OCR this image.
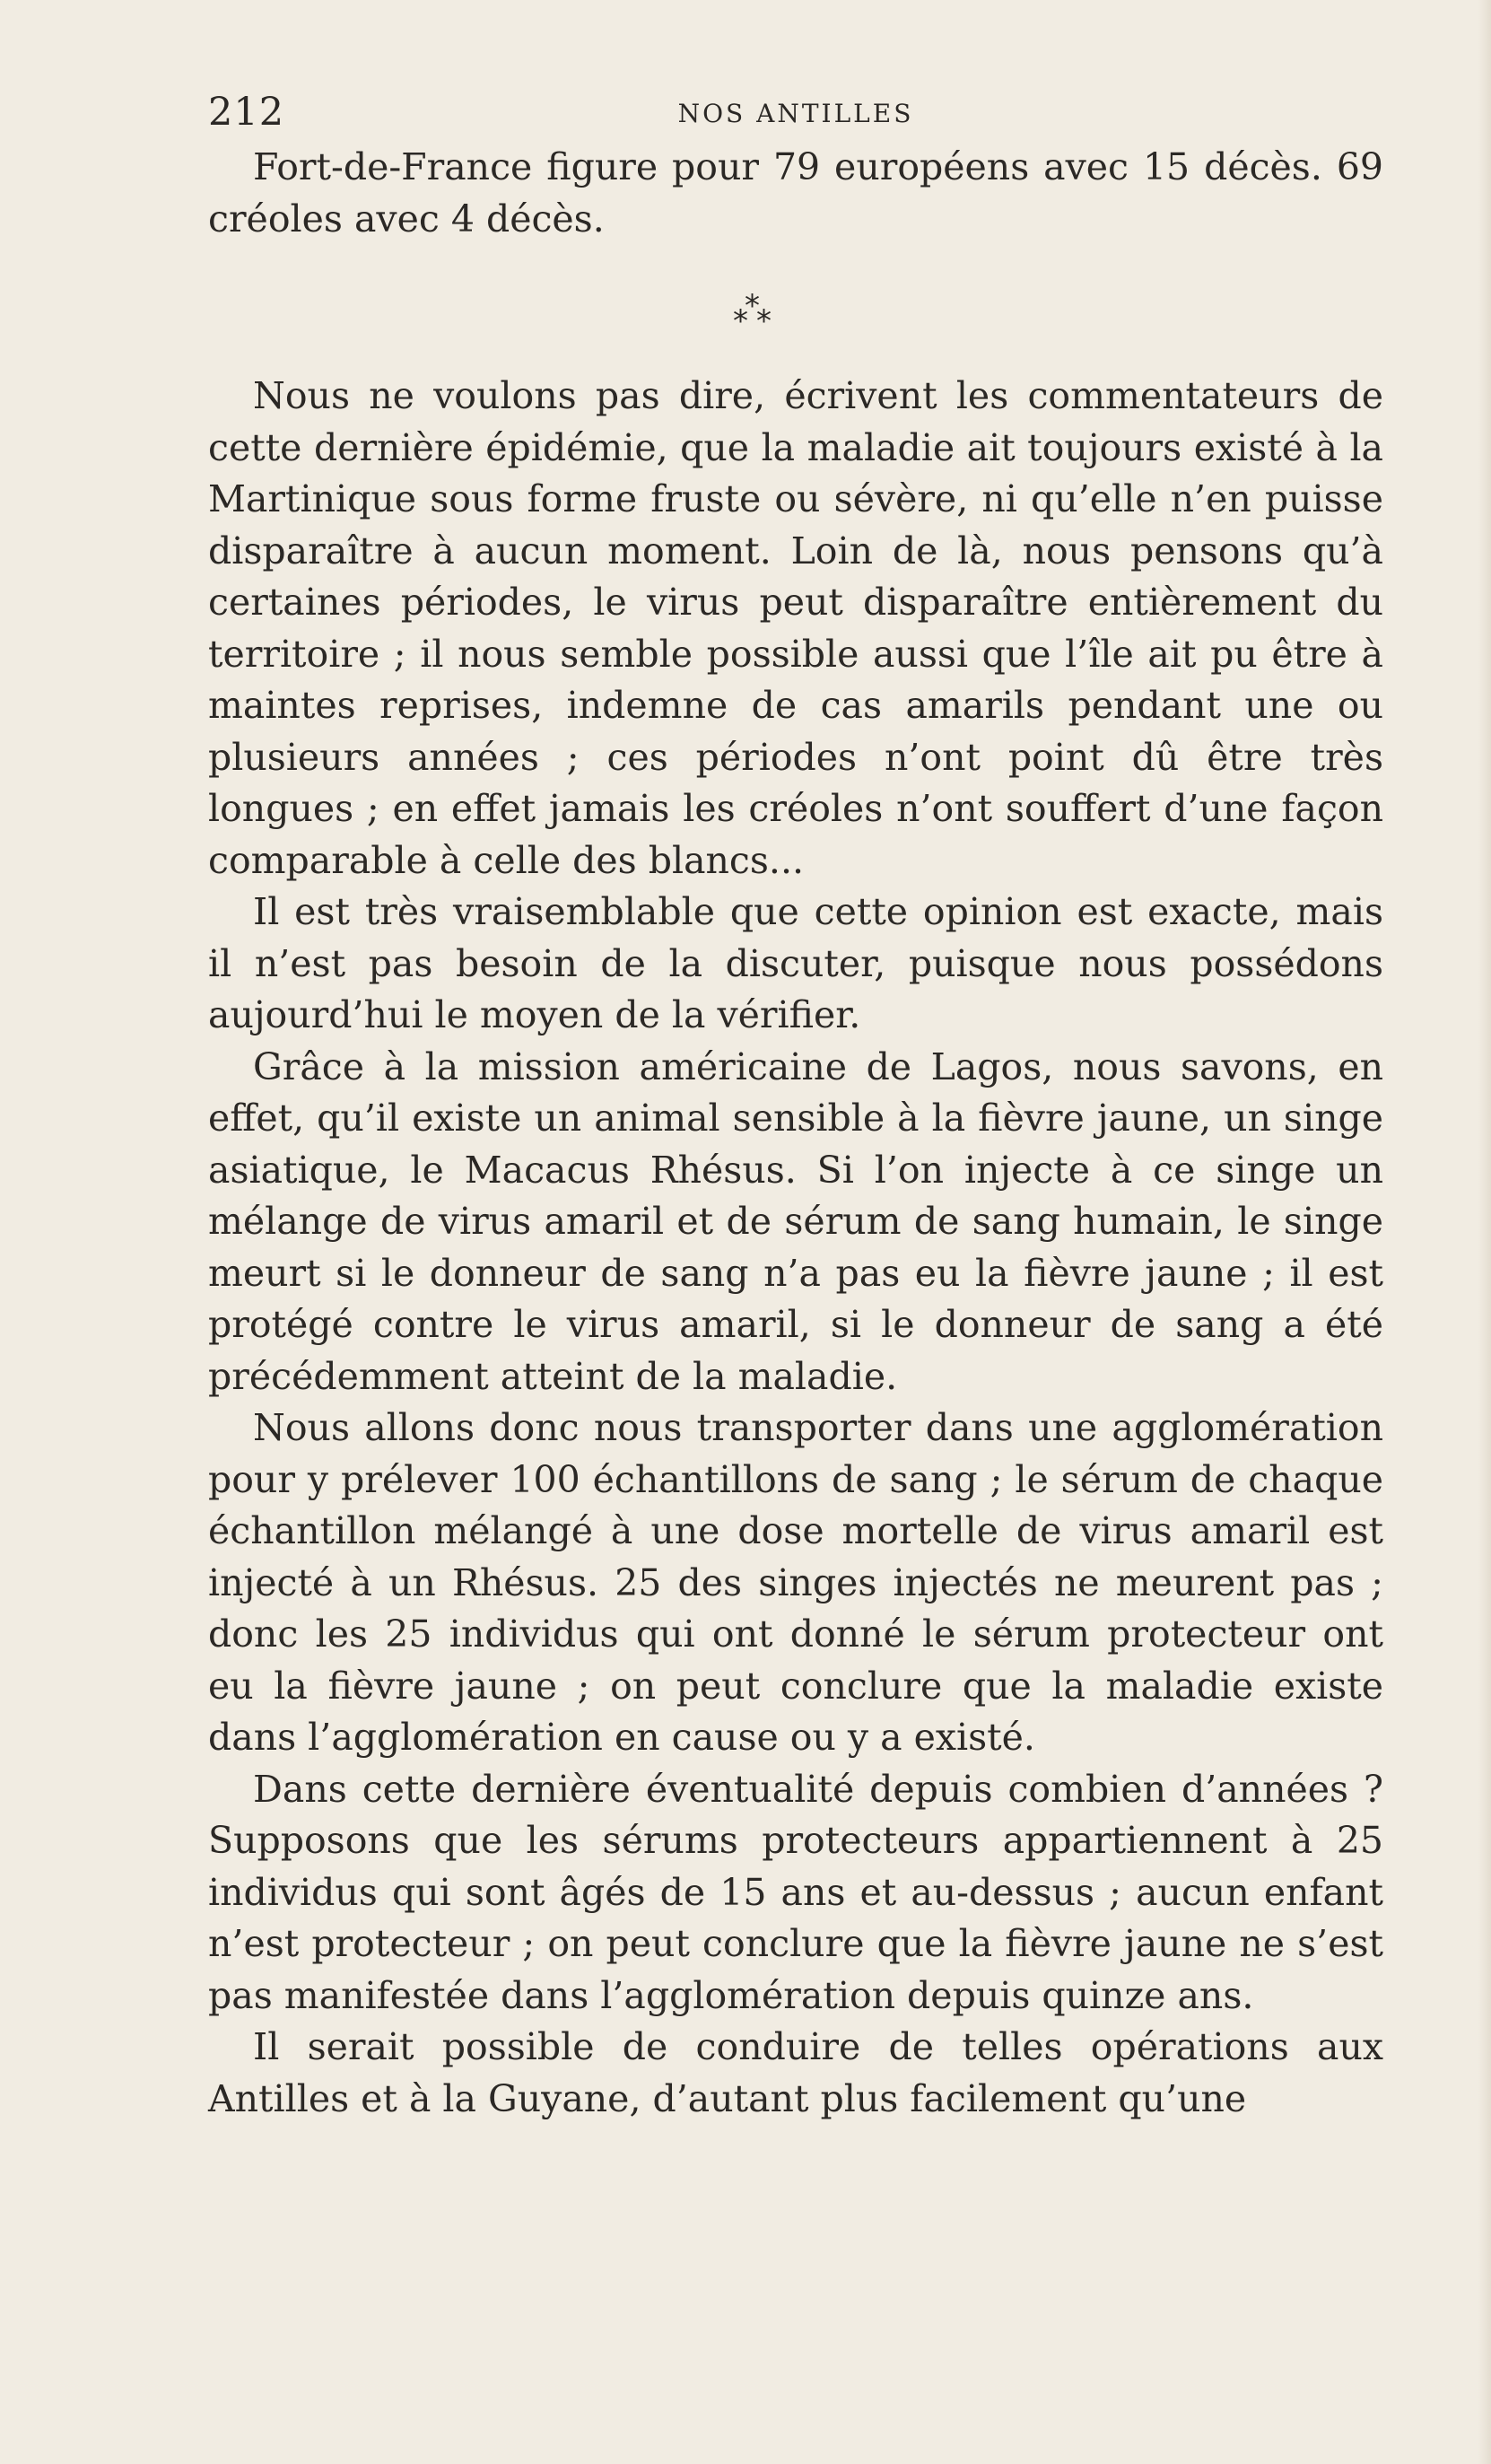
212	NOS ANTILLES

Fort-de-France figure pour 79 européens avec 15 décès. 69 créoles avec 4 décès.

*
* *

Nous ne voulons pas dire, écrivent les commentateurs de cette dernière épidémie, que la maladie ait toujours existé à la Martinique sous forme fruste ou sévère, ni qu’elle n’en puisse disparaître à aucun moment. Loin de là, nous pensons qu’à certaines périodes, le virus peut disparaître entièrement du territoire ; il nous semble possible aussi que l’île ait pu être à maintes reprises, indemne de cas amarils pendant une ou plusieurs années ; ces périodes n’ont point dû être très longues ; en effet jamais les créoles n’ont souffert d’une façon comparable à celle des blancs...

Il est très vraisemblable que cette opinion est exacte, mais il n’est pas besoin de la discuter, puisque nous possédons aujourd’hui le moyen de la vérifier.

Grâce à la mission américaine de Lagos, nous savons, en effet, qu’il existe un animal sensible à la fièvre jaune, un singe asiatique, le Macacus Rhésus. Si l’on injecte à ce singe un mélange de virus amaril et de sérum de sang humain, le singe meurt si le donneur de sang n’a pas eu la fièvre jaune ; il est protégé contre le virus amaril, si le donneur de sang a été précédemment atteint de la maladie.

Nous allons donc nous transporter dans une agglomération pour y prélever 100 échantillons de sang ; le sérum de chaque échantillon mélangé à une dose mortelle de virus amaril est injecté à un Rhésus. 25 des singes injectés ne meurent pas ; donc les 25 individus qui ont donné le sérum protecteur ont eu la fièvre jaune ; on peut conclure que la maladie existe dans l’agglomération en cause ou y a existé.

Dans cette dernière éventualité depuis combien d’années ? Supposons que les sérums protecteurs appartiennent à 25 individus qui sont âgés de 15 ans et au-dessus ; aucun enfant n’est protecteur ; on peut conclure que la fièvre jaune ne s’est pas manifestée dans l’agglomération depuis quinze ans.

Il serait possible de conduire de telles opérations aux Antilles et à la Guyane, d’autant plus facilement qu’une
